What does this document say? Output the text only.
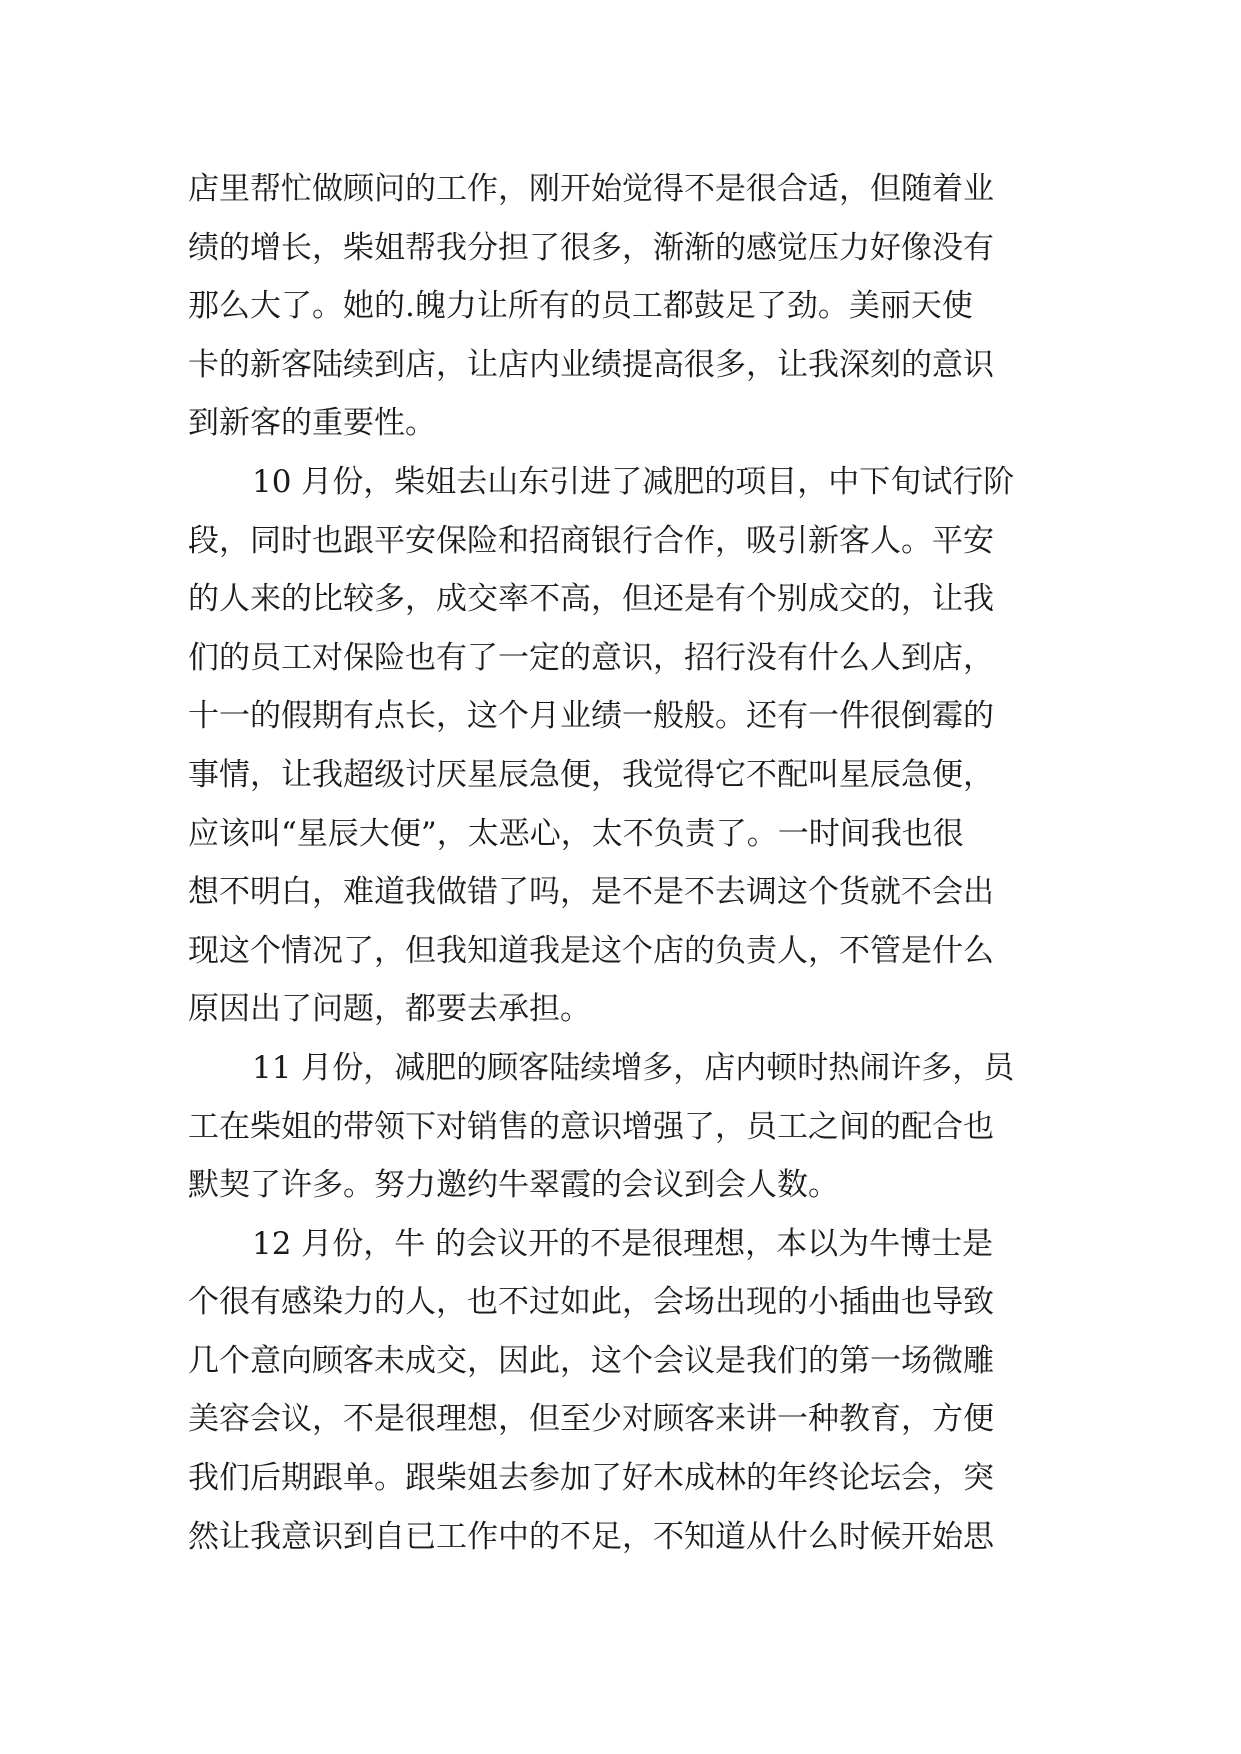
店里帮忙做顾问的工作，刚开始觉得不是很合适，但随着业
绩的增长，柴姐帮我分担了很多，渐渐的感觉压力好像没有
那么大了。她的.魄力让所有的员工都鼓足了劲。美丽天使
卡的新客陆续到店，让店内业绩提高很多，让我深刻的意识
到新客的重要性。
10 月份，柴姐去山东引进了减肥的项目，中下旬试行阶
段，同时也跟平安保险和招商银行合作，吸引新客人。平安
的人来的比较多，成交率不高，但还是有个别成交的，让我
们的员工对保险也有了一定的意识，招行没有什么人到店，
十一的假期有点长，这个月业绩一般般。还有一件很倒霉的
事情，让我超级讨厌星辰急便，我觉得它不配叫星辰急便，
应该叫“星辰大便”，太恶心，太不负责了。一时间我也很
想不明白，难道我做错了吗，是不是不去调这个货就不会出
现这个情况了，但我知道我是这个店的负责人，不管是什么
原因出了问题，都要去承担。
11 月份，减肥的顾客陆续增多，店内顿时热闹许多，员
工在柴姐的带领下对销售的意识增强了，员工之间的配合也
默契了许多。努力邀约牛翠霞的会议到会人数。
12 月份，牛 的会议开的不是很理想，本以为牛博士是
个很有感染力的人，也不过如此，会场出现的小插曲也导致
几个意向顾客未成交，因此，这个会议是我们的第一场微雕
美容会议，不是很理想，但至少对顾客来讲一种教育，方便
我们后期跟单。跟柴姐去参加了好木成林的年终论坛会，突
然让我意识到自已工作中的不足，不知道从什么时候开始思
